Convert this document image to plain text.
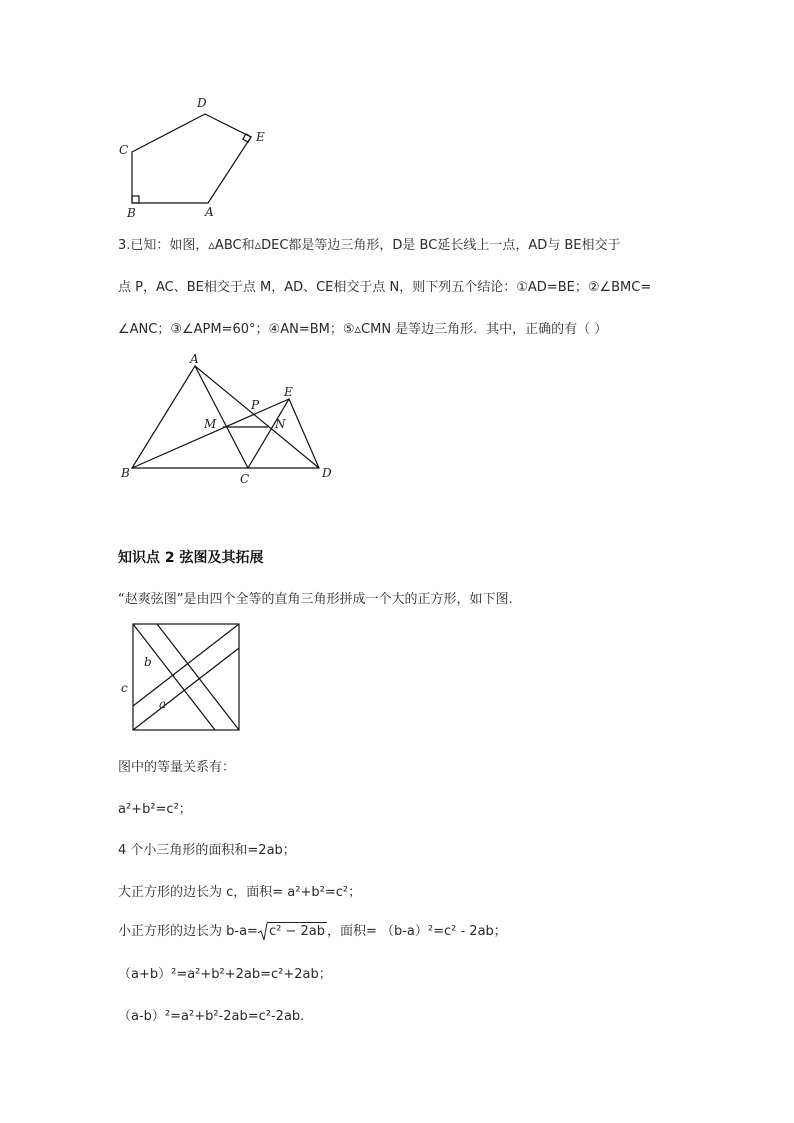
D
E
C
B	A
3.已知：如图，▵ABC和▵DEC都是等边三角形，D是 BC延长线上一点，AD与 BE相交于
点 P，AC、BE相交于点 M，AD、CE相交于点 N，则下列五个结论：①AD=BE；②∠BMC=
∠ANC；③∠APM=60°；④AN=BM；⑤▵CMN 是等边三角形．其中，正确的有（ ）
A
E
P
M	N
B	C	D
知识点 2 弦图及其拓展
“赵爽弦图”是由四个全等的直角三角形拼成一个大的正方形，如下图.
b
c
a
图中的等量关系有：
a²+b²=c²；
4 个小三角形的面积和=2ab；
大正方形的边长为 c，面积= a²+b²=c²；
小正方形的边长为 b-a= c² − 2ab ，面积= （b-a）²=c² - 2ab；
（a+b）²=a²+b²+2ab=c²+2ab；
（a-b）²=a²+b²-2ab=c²-2ab.
